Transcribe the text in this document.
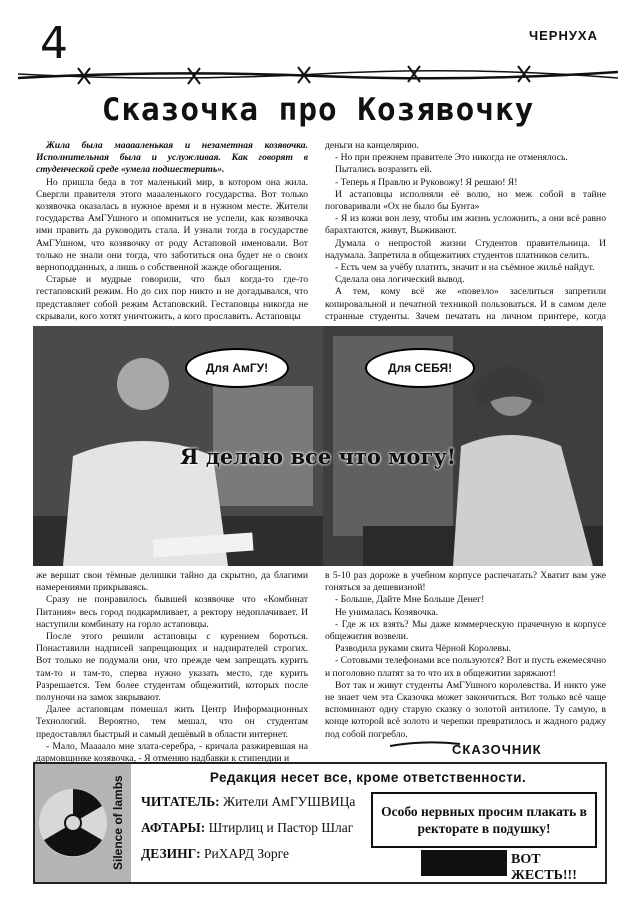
4	ЧЕРНУХА
Сказочка про Козявочку

Жила была мааааленькая и незаметная козявочка. Исполнительная была и услужливая. Как говорят в студенческой среде «умела подшестерить».

Но пришла беда в тот маленький мир, в котором она жила. Свергли правителя этого маааленького государства. Вот только козявочка оказалась в нужное время и в нужном месте. Жители государства АмГУшного и опомниться не успели, как козявочка ими править да руководить стала. И узнали тогда в государстве АмГУшном, что козявочку от роду Астаповой именовали. Вот только не знали они тогда, что заботиться она будет не о своих верноподданных, а лишь о собственной жажде обогащения.

Старые и мудрые говорили, что был когда-то где-то гестаповский режим. Но до сих пор никто и не догадывался, что представляет собой режим Астаповский. Гестаповцы никогда не скрывали, кого хотят уничтожить, а кого прославить. Астаповцы

деньги на канцелярию.

- Но при прежнем правителе Это никогда не отменялось.

Пытались возразить ей.

- Теперь я Правлю и Руковожу! Я решаю! Я!

И астаповцы исполняли её волю, но меж собой в тайне поговаривали «Ох не было бы Бунта»

- Я из кожи вон лезу, чтобы им жизнь усложнить, а они всё равно барахтаются, живут, Выживают.

Думала о непростой жизни Студентов правительница. И надумала. Запретила в общежитиях студентов платников селить.

- Есть чем за учёбу платить, значит и на съёмное жильё найдут.

Сделала она логический вывод.

А тем, кому всё же «повезло» заселиться запретили копировальной и печатной техникой пользоваться. И в самом деле странные студенты. Зачем печатать на личном принтере, когда

Для АмГУ!	Для СЕБЯ!
Я делаю все что могу!

же вершат свои тёмные делишки тайно да скрытно, да благими намерениями прикрываясь.

Сразу не понравилось бывшей козявочке что «Комбинат Питания» весь город подкармливает, а ректору недоплачивает. И наступили комбинату на горло астаповцы.

После этого решили астаповцы с курением бороться. Понаставили надписей запрещающих и надзирателей строгих. Вот только не подумали они, что прежде чем запрещать курить там-то и там-то, сперва нужно указать место, где курить Разрешается. Тем более студентам общежитий, которых после полуночи на замок закрывают.

Далее астаповцам помешал жить Центр Информационных Технологий. Вероятно, тем мешал, что он студентам предоставлял быстрый и самый дешёвый в области интернет.

- Мало, Маааало мне злата-серебра, - кричала разжиревшая на дармовщинке козявочка, - Я отменяю надбавки к стипендии и

в 5-10 раз дороже в учебном корпусе распечатать? Хватит вам уже гоняться за дешевизной!

- Больше, Дайте Мне Больше Денег!

Не унималась Козявочка.

- Где ж их взять? Мы даже коммерческую прачечную в корпусе общежития возвели.

Разводила руками свита Чёрной Королевы.

- Сотовыми телефонами все пользуются? Вот и пусть ежемесячно и поголовно платят за то что их в общежитии заряжают!

Вот так и живут студенты АмГУшного королевства. И никто уже не знает чем эта Сказочка может закончиться. Вот только всё чаще вспоминают одну старую сказку о золотой антилопе. Ту самую, в конце которой всё золото и черепки превратилось и жадного раджу под собой погребло.

СКАЗОЧНИК
Silence of lambs	Редакция несет все, кроме ответственности.
ЧИТАТЕЛЬ: Жители АмГУШВИЦа
АФТАРЫ: Штирлиц и Пастор Шлаг
ДЕЗИНГ: РиХАРД Зорге
Особо нервных просим плакать в ректорате в подушку!
ВОТ ЖЕСТЬ!!!
